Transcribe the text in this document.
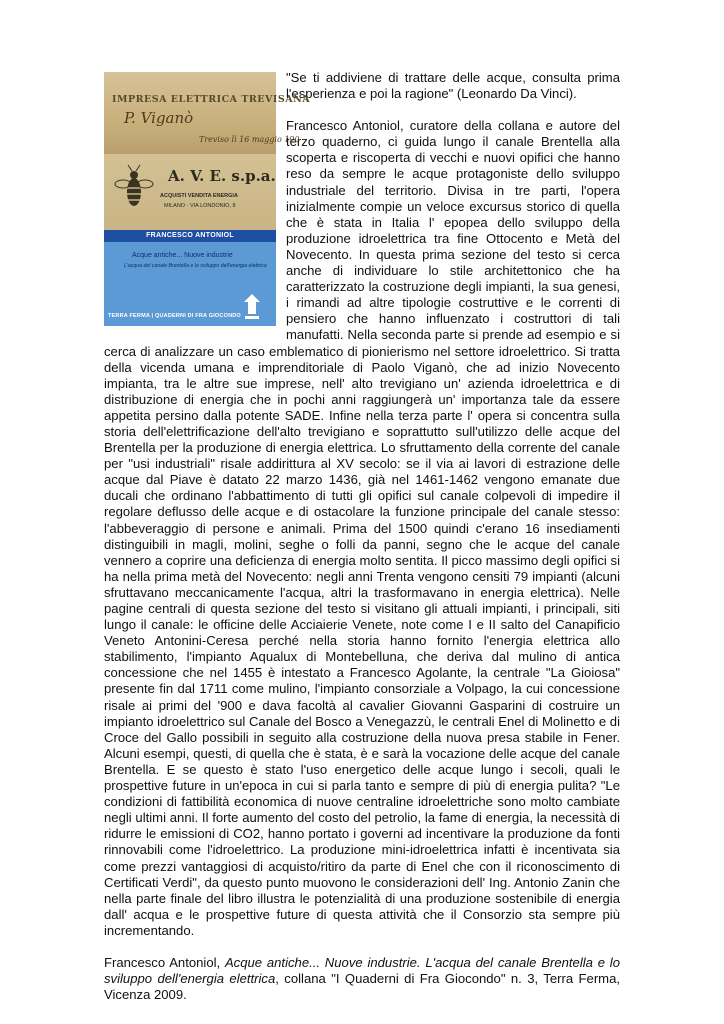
IMPRESA ELETTRICA TREVISANA
P. Viganò
Treviso lì 16 maggio 190
A. V. E. s.p.a.
ACQUISTI VENDITA ENERGIA
MILANO · VIA LONDONIO, 8
FRANCESCO ANTONIOL
Acque antiche... Nuove industrie
L'acqua del canale Brentella e lo sviluppo dell'energia elettrica
TERRA FERMA | QUADERNI DI FRA GIOCONDO

"Se ti addiviene di trattare delle acque, consulta prima l'esperienza e poi la ragione" (Leonardo Da Vinci).

Francesco Antoniol, curatore della collana e autore del terzo quaderno, ci guida lungo il canale Brentella alla scoperta e riscoperta di vecchi e nuovi opifici che hanno reso da sempre le acque protagoniste dello sviluppo industriale del territorio. Divisa in tre parti, l'opera inizialmente compie un veloce excursus storico di quella che è stata in Italia l' epopea dello sviluppo della produzione idroelettrica tra fine Ottocento e Metà del Novecento. In questa prima sezione del testo si cerca anche di individuare lo stile architettonico che ha caratterizzato la costruzione degli impianti, la sua genesi, i rimandi ad altre tipologie costruttive e le correnti di pensiero che hanno influenzato i costruttori di tali manufatti. Nella seconda parte si prende ad esempio e si cerca di analizzare un caso emblematico di pionierismo nel settore idroelettrico. Si tratta della vicenda umana e imprenditoriale di Paolo Viganò, che ad inizio Novecento impianta, tra le altre sue imprese, nell' alto trevigiano un' azienda idroelettrica e di distribuzione di energia che in pochi anni raggiungerà un' importanza tale da essere appetita persino dalla potente SADE. Infine nella terza parte l' opera si concentra sulla storia dell'elettrificazione dell'alto trevigiano e soprattutto sull'utilizzo delle acque del Brentella per la produzione di energia elettrica. Lo sfruttamento della corrente del canale per "usi industriali" risale addirittura al XV secolo: se il via ai lavori di estrazione delle acque dal Piave è datato 22 marzo 1436, già nel 1461-1462 vengono emanate due ducali che ordinano l'abbattimento di tutti gli opifici sul canale colpevoli di impedire il regolare deflusso delle acque e di ostacolare la funzione principale del canale stesso: l'abbeveraggio di persone e animali. Prima del 1500 quindi c'erano 16 insediamenti distinguibili in magli, molini, seghe o folli da panni, segno che le acque del canale vennero a coprire una deficienza di energia molto sentita. Il picco massimo degli opifici si ha nella prima metà del Novecento: negli anni Trenta vengono censiti 79 impianti (alcuni sfruttavano meccanicamente l'acqua, altri la trasformavano in energia elettrica). Nelle pagine centrali di questa sezione del testo si visitano gli attuali impianti, i principali, siti lungo il canale: le officine delle Acciaierie Venete, note come I e II salto del Canapificio Veneto Antonini-Ceresa perché nella storia hanno fornito l'energia elettrica allo stabilimento, l'impianto Aqualux di Montebelluna, che deriva dal mulino di antica concessione che nel 1455 è intestato a Francesco Agolante, la centrale "La Gioiosa" presente fin dal 1711 come mulino, l'impianto consorziale a Volpago, la cui concessione risale ai primi del '900 e dava facoltà al cavalier Giovanni Gasparini di costruire un impianto idroelettrico sul Canale del Bosco a Venegazzù, le centrali Enel di Molinetto e di Croce del Gallo possibili in seguito alla costruzione della nuova presa stabile in Fener. Alcuni esempi, questi, di quella che è stata, è e sarà la vocazione delle acque del canale Brentella. E se questo è stato l'uso energetico delle acque lungo i secoli, quali le prospettive future in un'epoca in cui si parla tanto e sempre di più di energia pulita? "Le condizioni di fattibilità economica di nuove centraline idroelettriche sono molto cambiate negli ultimi anni. Il forte aumento del costo del petrolio, la fame di energia, la necessità di ridurre le emissioni di CO2, hanno portato i governi ad incentivare la produzione da fonti rinnovabili come l'idroelettrico. La produzione mini-idroelettrica infatti è incentivata sia come prezzi vantaggiosi di acquisto/ritiro da parte di Enel che con il riconoscimento di Certificati Verdi", da questo punto muovono le considerazioni dell' Ing. Antonio Zanin che nella parte finale del libro illustra le potenzialità di una produzione sostenibile di energia dall' acqua e le prospettive future di questa attività che il Consorzio sta sempre più incrementando.

Francesco Antoniol, Acque antiche... Nuove industrie. L'acqua del canale Brentella e lo sviluppo dell'energia elettrica, collana "I Quaderni di Fra Giocondo" n. 3, Terra Ferma, Vicenza 2009.
